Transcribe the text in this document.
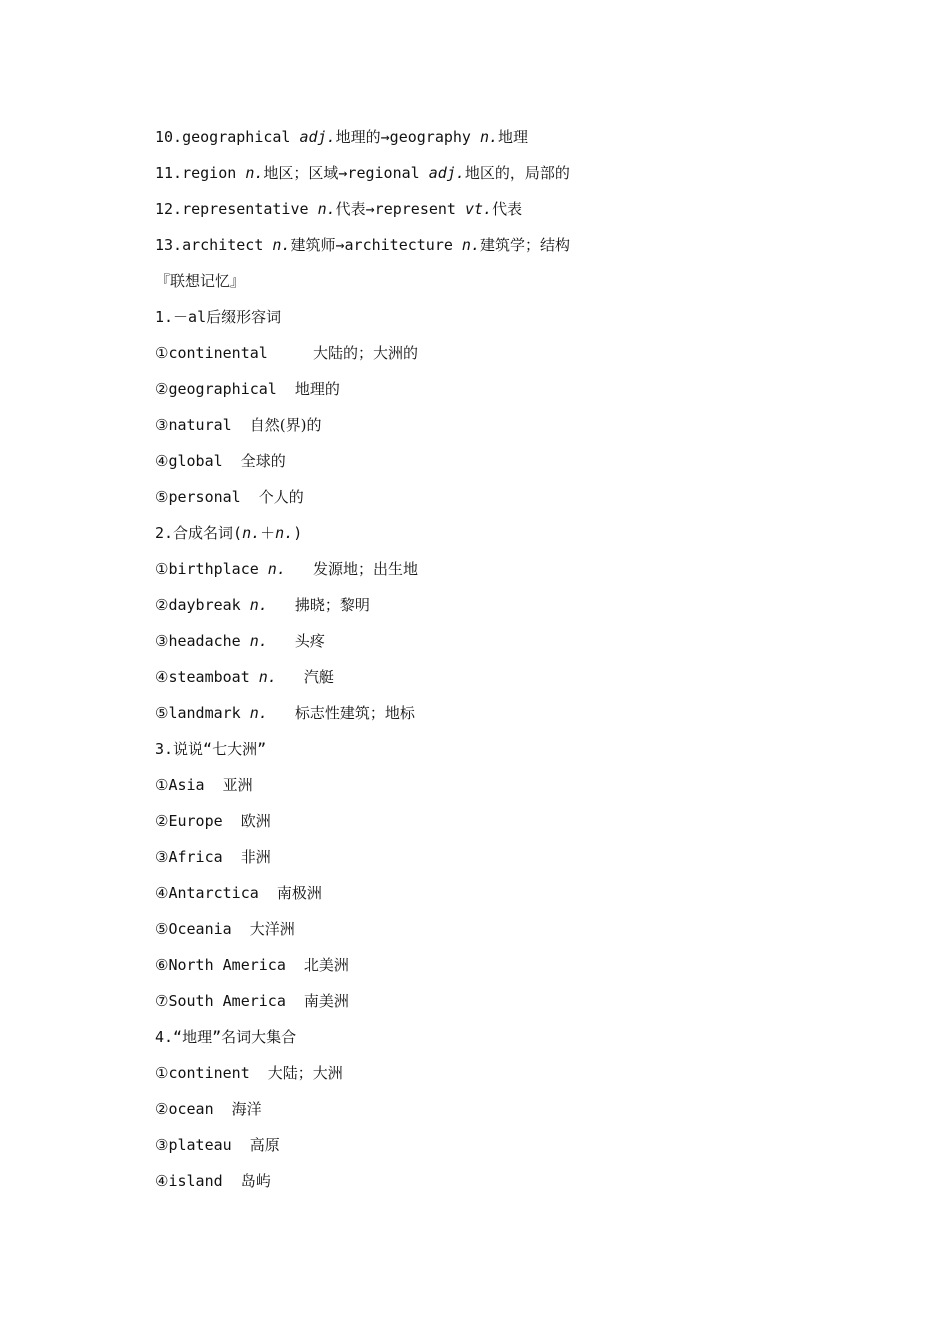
10.geographical adj.地理的→geography n.地理
11.region n.地区；区域→regional adj.地区的，局部的
12.representative n.代表→represent vt.代表
13.architect n.建筑师→architecture n.建筑学；结构
『联想记忆』
1.－al后缀形容词
①continental	大陆的；大洲的
②geographical 地理的
③natural 自然(界)的
④global 全球的
⑤personal 个人的
2.合成名词(n.＋n.)
①birthplace n. 发源地；出生地
②daybreak n. 拂晓；黎明
③headache n. 头疼
④steamboat n. 汽艇
⑤landmark n. 标志性建筑；地标
3.说说“七大洲”
①Asia 亚洲
②Europe 欧洲
③Africa 非洲
④Antarctica 南极洲
⑤Oceania 大洋洲
⑥North America 北美洲
⑦South America 南美洲
4.“地理”名词大集合
①continent 大陆；大洲
②ocean 海洋
③plateau 高原
④island 岛屿
